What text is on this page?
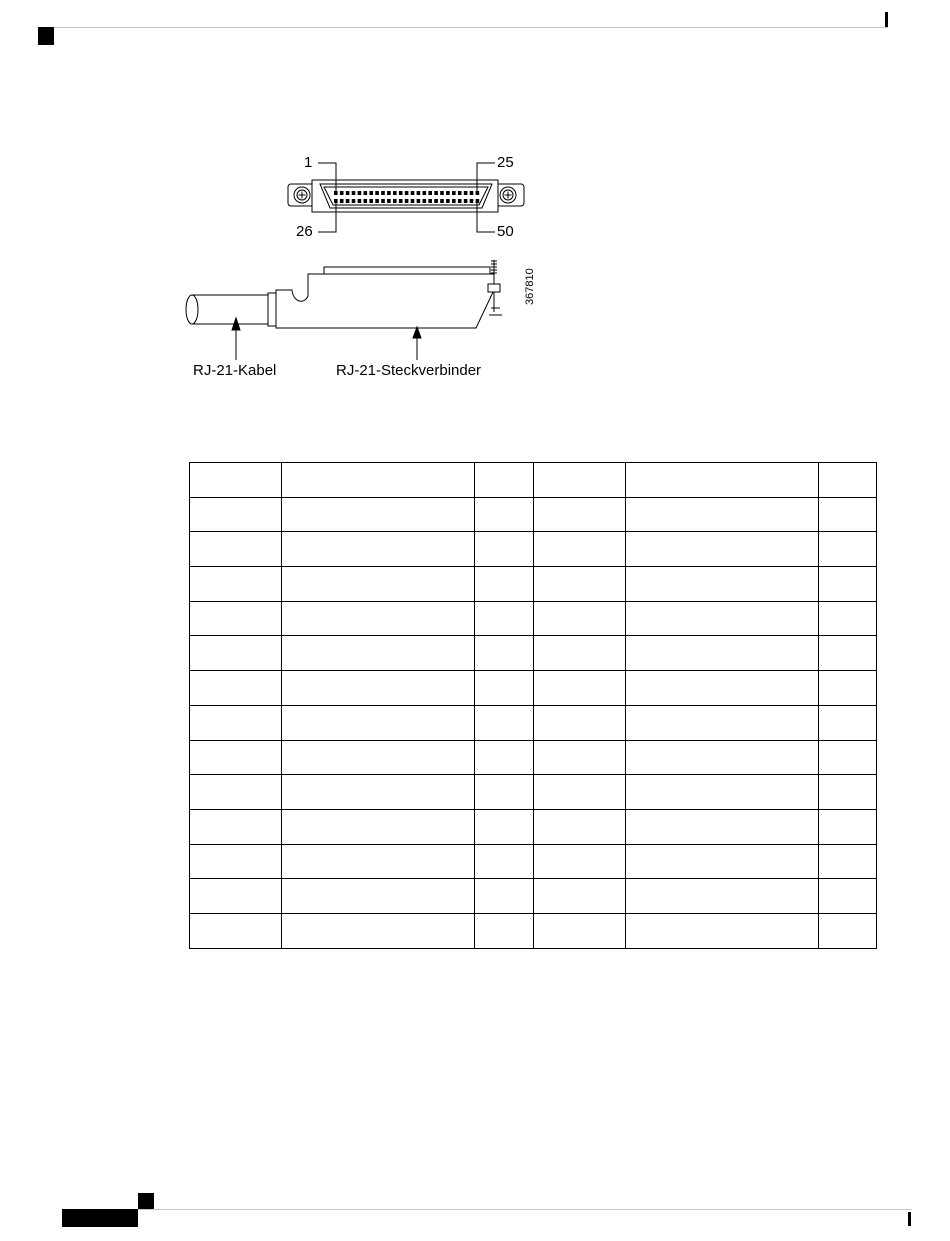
1	25
26	50
367810
RJ-21-Kabel	RJ-21-Steckverbinder
